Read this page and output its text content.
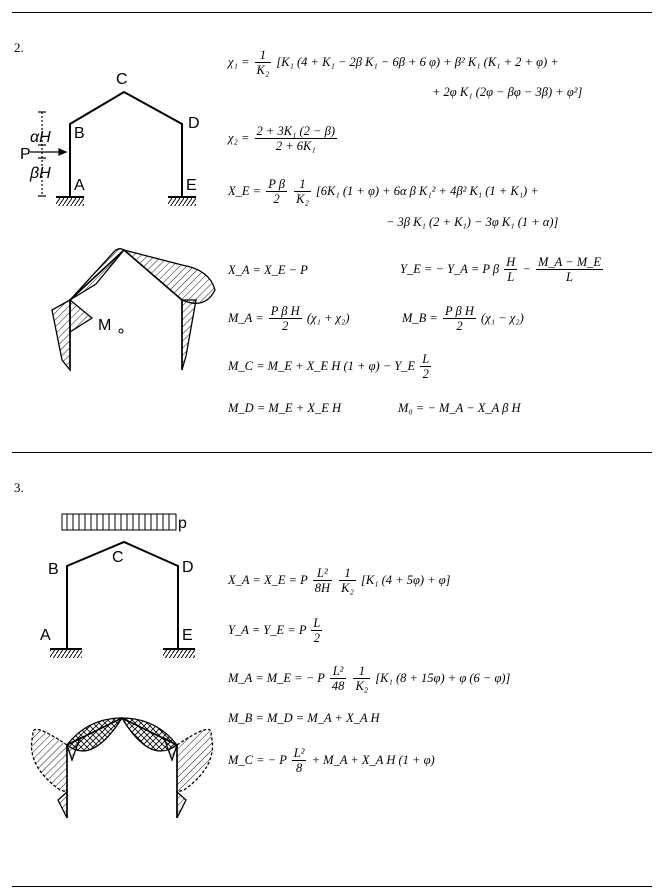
2.
3.
C
B
D
A	E
P
αH
βH
M
C
B	D
A	E
p
$\chi_1 = \frac{1}{\text{K₂}} [K_1$ (4 + K₁ − 2β K₁ − 6β + 6 φ) + β² K₁ (K₁ + 2 + φ) +
+ 2φ K₁ (2φ − βφ − 3β) + φ²]
$\chi_2 = \frac{\text{2 + 3K₁ (2 − β)}}{\text{2 + 6K₁}}$
X_E = $\frac{\text{P β}}{2}$
$\frac{1}{\text{K₂}} [6K_1$ (1 + φ) + 6α β K₁² + 4β² K₁ (1 + K₁) +
− 3β K₁ (2 + K₁) − 3φ K₁ (1 + α)]
X_A = X_E − P	Y_E = − Y_A = P β $\frac{H}{L} - \frac{M\_A - M\_E}{L}$
M_A = $\frac{\text{P β H}}{2} (\chi_1 + \chi_2)$	M_B = $\frac{\text{P β H}}{2} (\chi_1 - \chi_2)$
M_C = M_E + X_E H (1 + φ) − Y_E $\frac{L}{2}$
M_D = M_E + X_E H	M₀ = − M_A − X_A β H
X_A = X_E = P $\frac{\text{L²}}{8H}$
$\frac{1}{\text{K₂}} [K_1$ (4 + 5φ) + φ]
Y_A = Y_E = P $\frac{L}{2}$
M_A = M_E = − P $\frac{\text{L²}}{48}$
$\frac{1}{\text{K₂}} [K_1$ (8 + 15φ) + φ (6 − φ)]
M_B = M_D = M_A + X_A H
M_C = − P $\frac{\text{L²}}{8}$ + M_A + X_A H (1 + φ)
